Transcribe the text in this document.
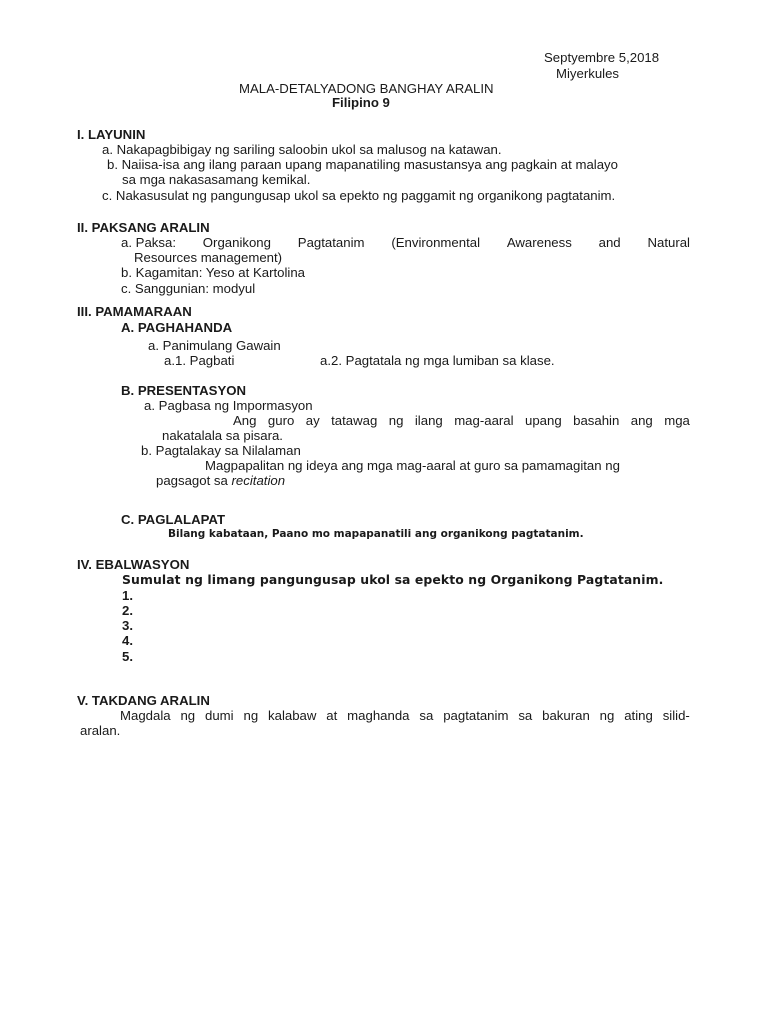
Septyembre 5,2018
Miyerkules
MALA-DETALYADONG BANGHAY ARALIN
Filipino 9
I. LAYUNIN
a. Nakapagbibigay ng sariling saloobin ukol sa malusog na katawan.
b. Naiisa-isa ang ilang paraan upang mapanatiling masustansya ang pagkain at malayo
sa mga nakasasamang kemikal.
c. Nakasusulat ng pangungusap ukol sa epekto ng paggamit ng organikong pagtatanim.
II. PAKSANG ARALIN
a. Paksa: Organikong Pagtatanim (Environmental Awareness and Natural
Resources management)
b. Kagamitan: Yeso at Kartolina
c. Sanggunian: modyul
III. PAMAMARAAN
A. PAGHAHANDA
a. Panimulang Gawain
a.1. Pagbati	a.2. Pagtatala ng mga lumiban sa klase.
B. PRESENTASYON
a. Pagbasa ng Impormasyon
Ang guro ay tatawag ng ilang mag-aaral upang basahin ang mga
nakatalala sa pisara.
b. Pagtalakay sa Nilalaman
Magpapalitan ng ideya ang mga mag-aaral at guro sa pamamagitan ng
pagsagot sa recitation
C. PAGLALAPAT
Bilang kabataan, Paano mo mapapanatili ang organikong pagtatanim.
IV. EBALWASYON
Sumulat ng limang pangungusap ukol sa epekto ng Organikong Pagtatanim.
1.
2.
3.
4.
5.
V. TAKDANG ARALIN
Magdala ng dumi ng kalabaw at maghanda sa pagtatanim sa bakuran ng ating silid-
aralan.
